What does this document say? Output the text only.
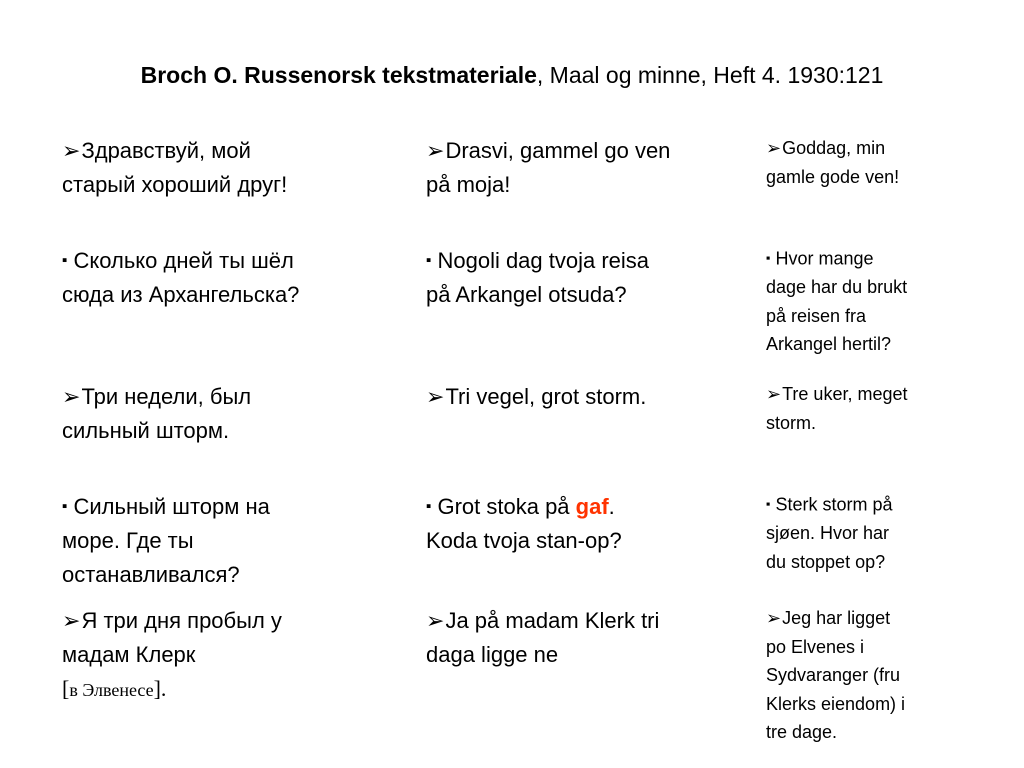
Broch O. Russenorsk tekstmateriale, Maal og minne, Heft 4. 1930:121
➢Здравствуй, мой
старый хороший друг!
➢Drasvi, gammel go ven
på moja!
➢Goddag, min
gamle gode ven!
▪ Сколько дней ты шёл
сюда из Архангельска?
▪ Nogoli dag tvoja reisa
på Arkangel otsuda?
▪ Hvor mange
dage har du brukt
på reisen fra
Arkangel hertil?
➢Три недели, был
сильный шторм.
➢Tri vegel, grot storm.	➢Tre uker, meget
storm.
▪ Сильный шторм на
море. Где ты
останавливался?
▪ Grot stoka på gaf.
Koda tvoja stan-op?
▪ Sterk storm på
sjøen. Hvor har
du stoppet op?
➢Я три дня пробыл у
мадам Клерк
[в Элвенесе].
➢Ja på madam Klerk tri
daga ligge ne
➢Jeg har ligget
po Elvenes i
Sydvaranger (fru
Klerks eiendom) i
tre dage.
